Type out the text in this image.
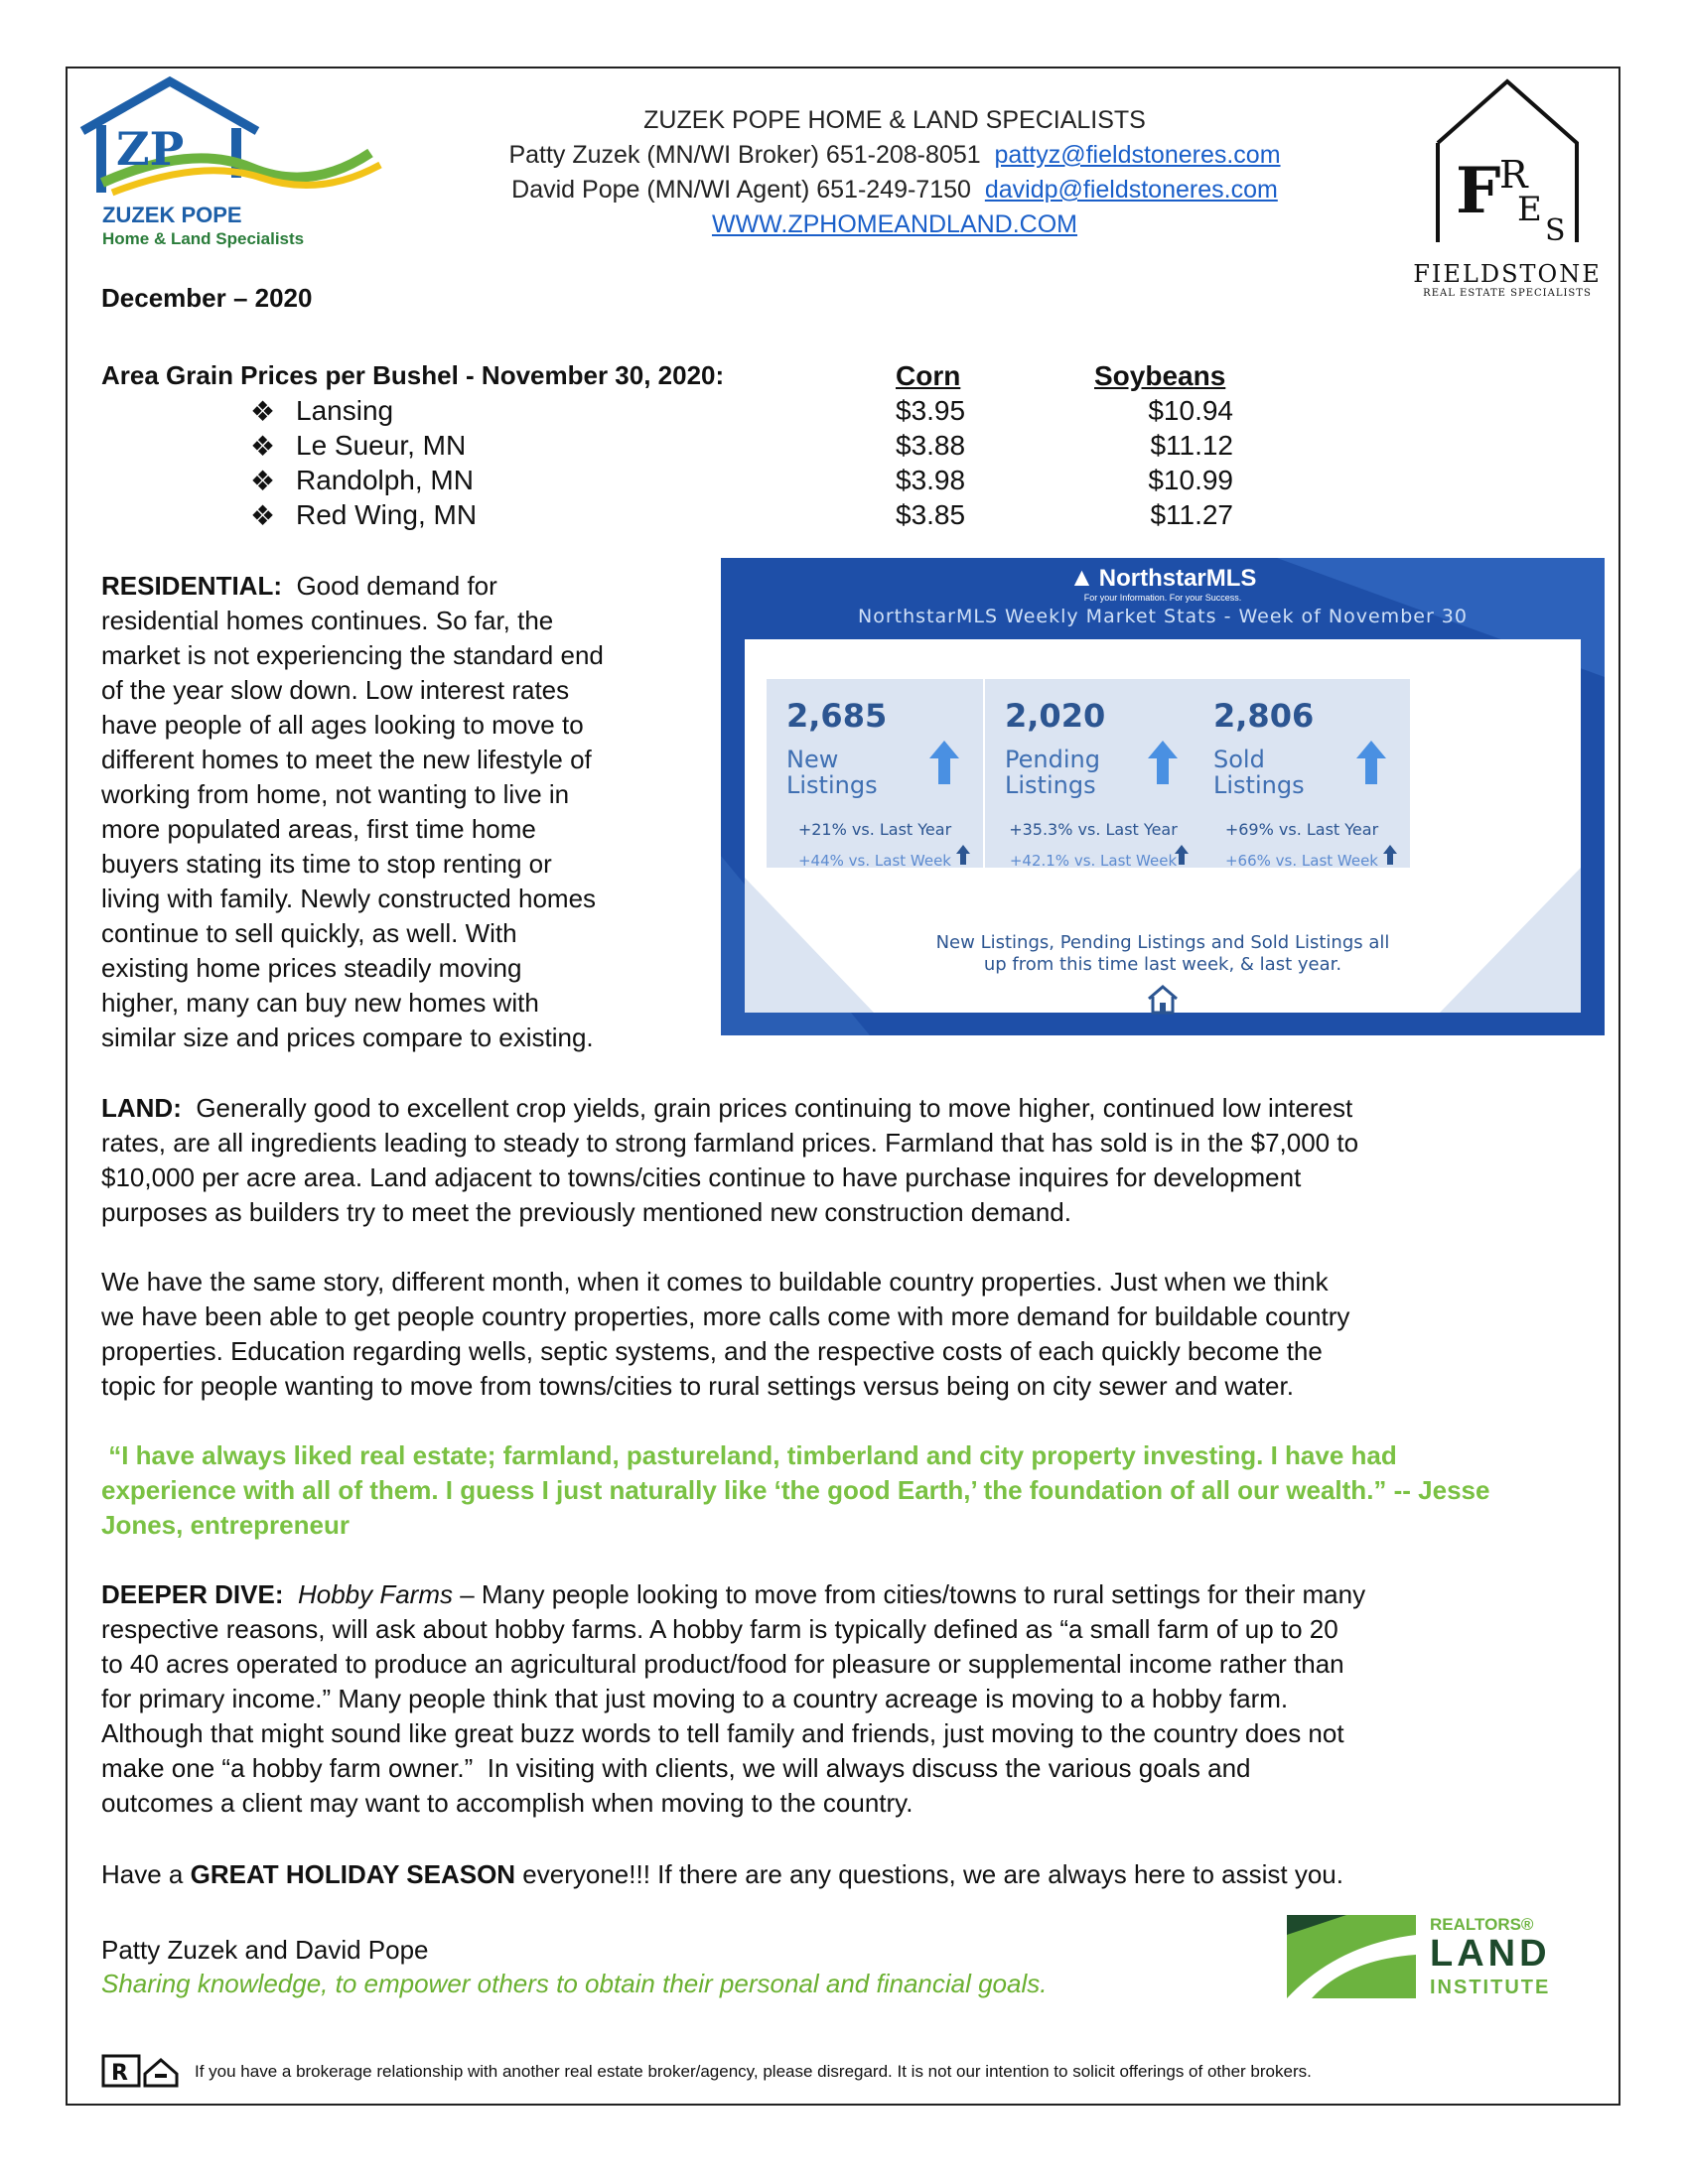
ZP
ZUZEK POPE
Home & Land Specialists
ZUZEK POPE HOME & LAND SPECIALISTS
Patty Zuzek (MN/WI Broker) 651-208-8051 pattyz@fieldstoneres.com
David Pope (MN/WI Agent) 651-249-7150 davidp@fieldstoneres.com
WWW.ZPHOMEANDLAND.COM	F
R
E
S
FIELDSTONE
REAL ESTATE SPECIALISTS
December – 2020
Area Grain Prices per Bushel - November 30, 2020:	Corn	Soybeans
❖ Lansing	$3.95	$10.94
❖ Le Sueur, MN	$3.88	$11.12
❖ Randolph, MN	$3.98	$10.99
❖ Red Wing, MN	$3.85	$11.27
RESIDENTIAL: Good demand for
residential homes continues. So far, the
market is not experiencing the standard end
of the year slow down. Low interest rates
have people of all ages looking to move to
different homes to meet the new lifestyle of
working from home, not wanting to live in
more populated areas, first time home
buyers stating its time to stop renting or
living with family. Newly constructed homes
continue to sell quickly, as well. With
existing home prices steadily moving
higher, many can buy new homes with
similar size and prices compare to existing.
▲ NorthstarMLS
For your Information. For your Success.
NorthstarMLS Weekly Market Stats - Week of November 30
2,685
New
Listings
+21% vs. Last Year
+44% vs. Last Week
2,020
Pending
Listings
+35.3% vs. Last Year
+42.1% vs. Last Week
2,806
Sold
Listings
+69% vs. Last Year
+66% vs. Last Week
New Listings, Pending Listings and Sold Listings all
up from this time last week, & last year.
LAND: Generally good to excellent crop yields, grain prices continuing to move higher, continued low interest
rates, are all ingredients leading to steady to strong farmland prices. Farmland that has sold is in the $7,000 to
$10,000 per acre area. Land adjacent to towns/cities continue to have purchase inquires for development
purposes as builders try to meet the previously mentioned new construction demand.
We have the same story, different month, when it comes to buildable country properties. Just when we think
we have been able to get people country properties, more calls come with more demand for buildable country
properties. Education regarding wells, septic systems, and the respective costs of each quickly become the
topic for people wanting to move from towns/cities to rural settings versus being on city sewer and water.
“I have always liked real estate; farmland, pastureland, timberland and city property investing. I have had
experience with all of them. I guess I just naturally like ‘the good Earth,’ the foundation of all our wealth.” -- Jesse
Jones, entrepreneur
DEEPER DIVE: Hobby Farms – Many people looking to move from cities/towns to rural settings for their many
respective reasons, will ask about hobby farms. A hobby farm is typically defined as “a small farm of up to 20
to 40 acres operated to produce an agricultural product/food for pleasure or supplemental income rather than
for primary income.” Many people think that just moving to a country acreage is moving to a hobby farm.
Although that might sound like great buzz words to tell family and friends, just moving to the country does not
make one “a hobby farm owner.”  In visiting with clients, we will always discuss the various goals and
outcomes a client may want to accomplish when moving to the country.
Have a GREAT HOLIDAY SEASON everyone!!! If there are any questions, we are always here to assist you.
Patty Zuzek and David Pope
Sharing knowledge, to empower others to obtain their personal and financial goals.
REALTORS®
LAND
INSTITUTE
R	If you have a brokerage relationship with another real estate broker/agency, please disregard. It is not our intention to solicit offerings of other brokers.
